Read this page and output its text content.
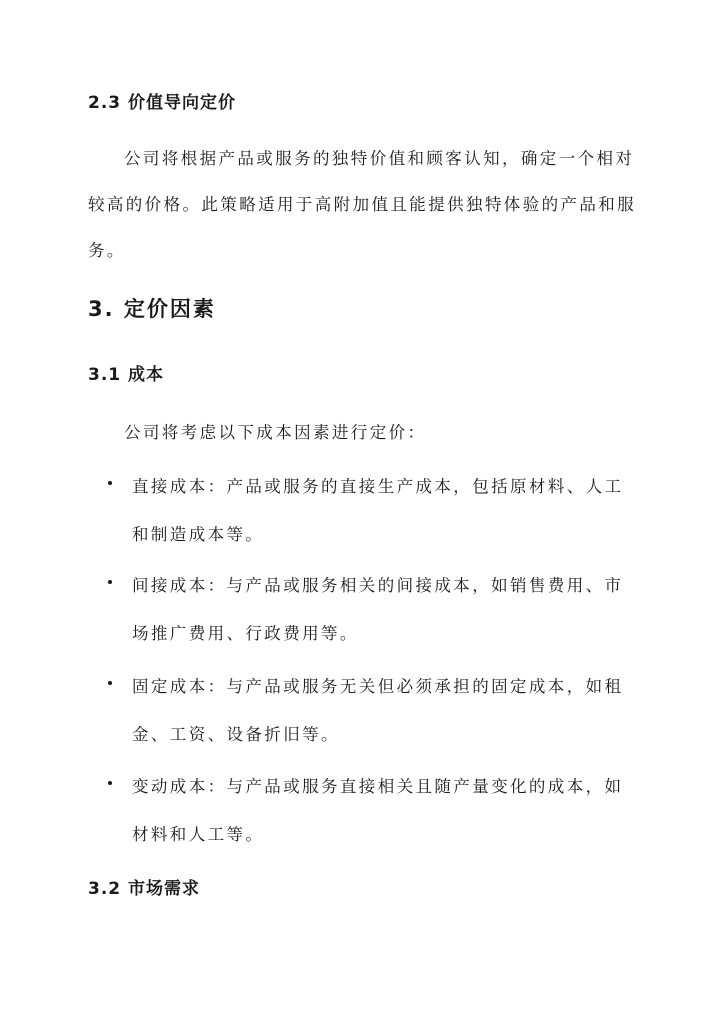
2.3 价值导向定价
公司将根据产品或服务的独特价值和顾客认知，确定一个相对较高的价格。此策略适用于高附加值且能提供独特体验的产品和服务。
3. 定价因素
3.1 成本
公司将考虑以下成本因素进行定价：
直接成本：产品或服务的直接生产成本，包括原材料、人工和制造成本等。
间接成本：与产品或服务相关的间接成本，如销售费用、市场推广费用、行政费用等。
固定成本：与产品或服务无关但必须承担的固定成本，如租金、工资、设备折旧等。
变动成本：与产品或服务直接相关且随产量变化的成本，如材料和人工等。
3.2 市场需求
